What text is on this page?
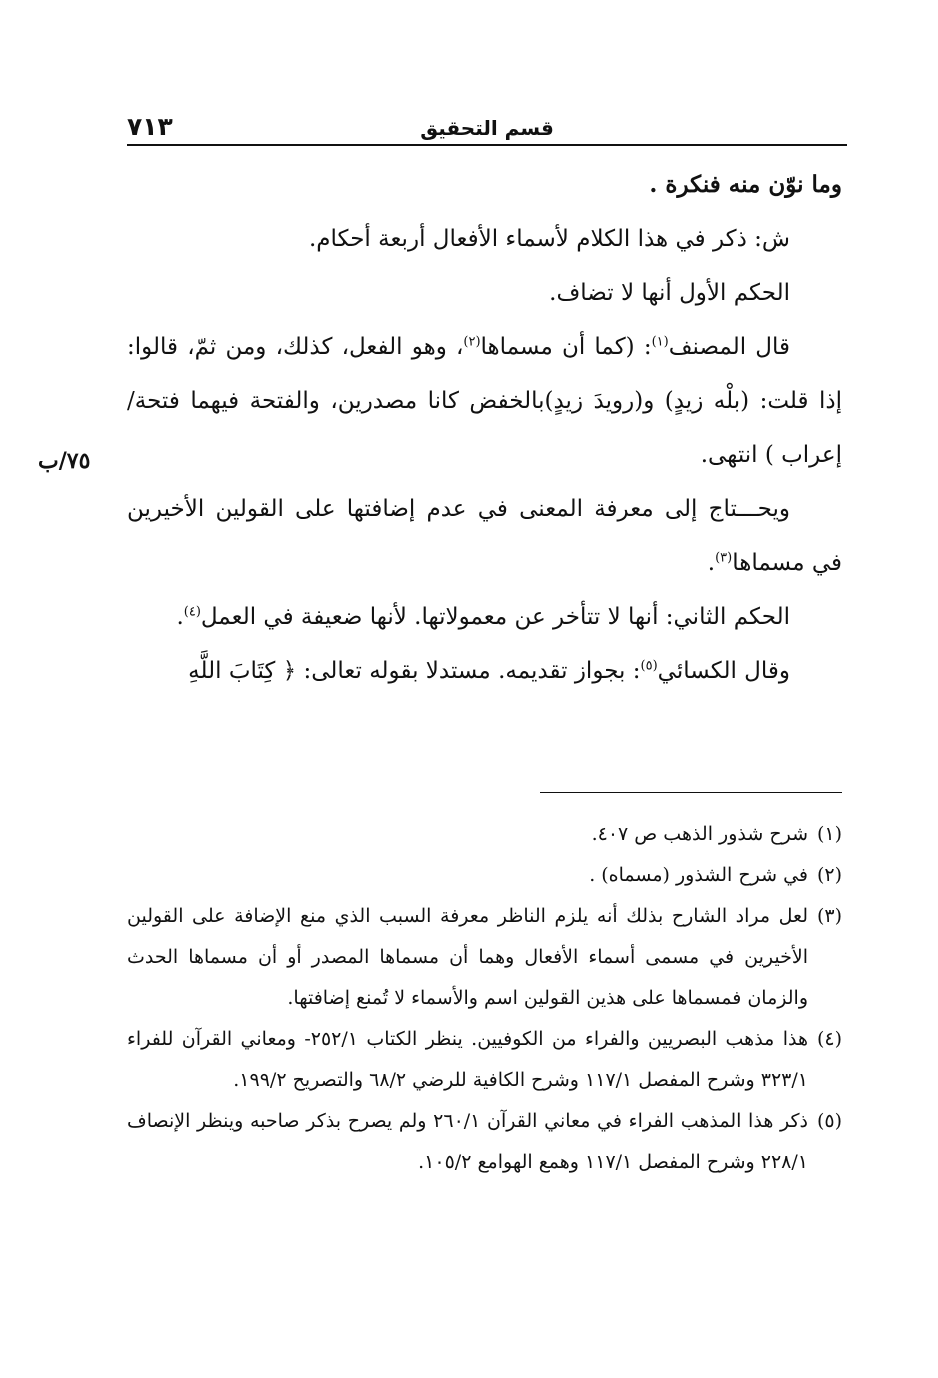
٧١٣	قسم التحقيق
٧٥/ب

وما نوّن منه فنكرة .

ش: ذكر في هذا الكلام لأسماء الأفعال أربعة أحكام.

الحكم الأول أنها لا تضاف.

قال المصنف$^{(١)}$: (كما أن مسماها$^{(٢)}$، وهو الفعل، كذلك، ومن ثمّ، قالوا: إذا قلت: (بلْه زيدٍ) و(رويدَ زيدٍ)بالخفض كانا مصدرين، والفتحة فيهما فتحة/ إعراب ) انتهى.

ويحـــتاج إلى معرفة المعنى في عدم إضافتها على القولين الأخيرين في مسماها$^{(٣)}$.

الحكم الثاني: أنها لا تتأخر عن معمولاتها. لأنها ضعيفة في العمل$^{(٤)}$.

وقال الكسائي$^{(٥)}$: بجواز تقديمه. مستدلا بقوله تعالى: ﴿ كِتَابَ اللَّهِ

(١)
شرح شذور الذهب ص ٤٠٧.

(٢)
في شرح الشذور (مسماه) .

(٣)
لعل مراد الشارح بذلك أنه يلزم الناظر معرفة السبب الذي منع الإضافة على القولين الأخيرين في مسمى أسماء الأفعال وهما أن مسماها المصدر أو أن مسماها الحدث والزمان فمسماها على هذين القولين اسم والأسماء لا تُمنع إضافتها.

(٤)
هذا مذهب البصريين والفراء من الكوفيين. ينظر الكتاب ٢٥٢/١- ومعاني القرآن للفراء ٣٢٣/١ وشرح المفصل ١١٧/١ وشرح الكافية للرضي ٦٨/٢ والتصريح ١٩٩/٢.

(٥)
ذكر هذا المذهب الفراء في معاني القرآن ٢٦٠/١ ولم يصرح بذكر صاحبه وينظر الإنصاف ٢٢٨/١ وشرح المفصل ١١٧/١ وهمع الهوامع ١٠٥/٢.
